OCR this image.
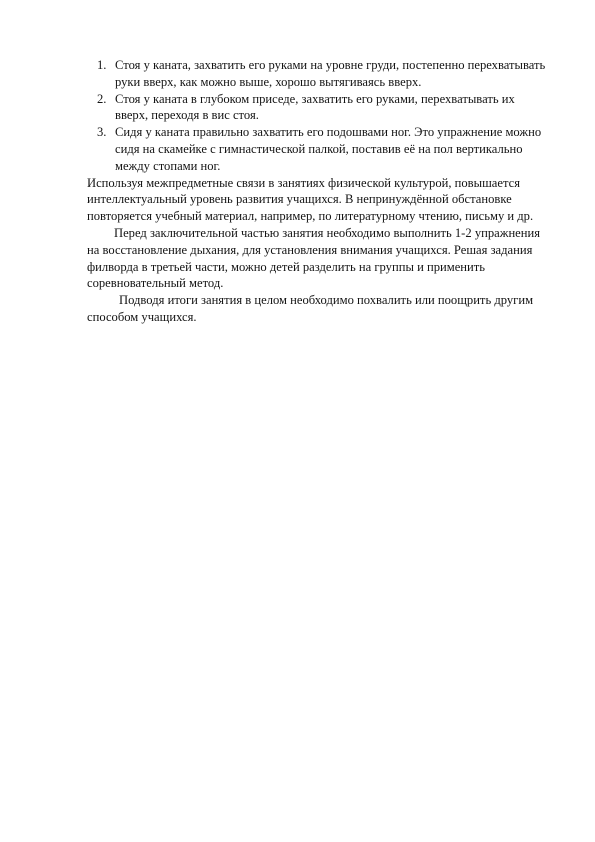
1. Стоя у каната, захватить его руками на уровне груди, постепенно перехватывать руки вверх, как можно выше, хорошо вытягиваясь вверх.
2. Стоя у каната в глубоком приседе, захватить его руками, перехватывать их вверх, переходя в вис стоя.
3. Сидя у каната правильно захватить его подошвами ног. Это упражнение можно сидя на скамейке с гимнастической палкой, поставив её на пол вертикально между стопами ног.

Используя межпредметные связи в занятиях физической культурой, повышается интеллектуальный уровень развития учащихся. В непринуждённой обстановке повторяется учебный материал, например, по литературному чтению, письму и др.

Перед заключительной частью занятия необходимо выполнить 1-2 упражнения на восстановление дыхания, для установления внимания учащихся. Решая задания филворда в третьей части, можно детей разделить на группы и применить соревновательный метод.

Подводя итоги занятия в целом необходимо похвалить или поощрить другим способом учащихся.
